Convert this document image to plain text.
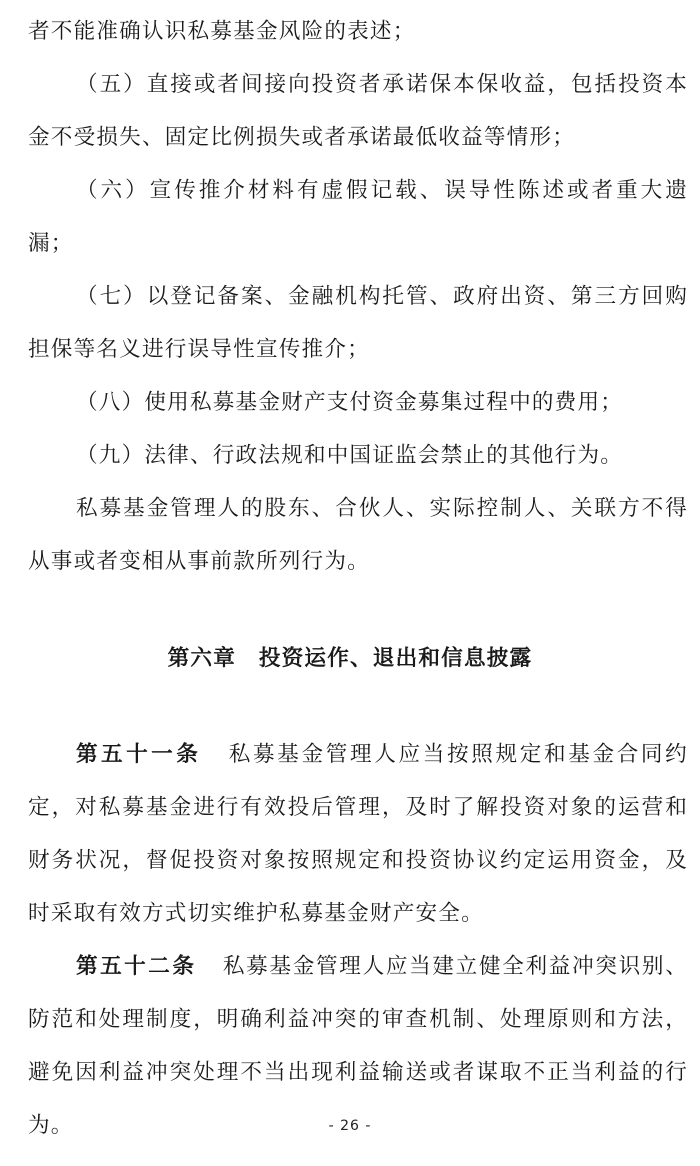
者不能准确认识私募基金风险的表述；

（五）直接或者间接向投资者承诺保本保收益，包括投资本金不受损失、固定比例损失或者承诺最低收益等情形；

（六）宣传推介材料有虚假记载、误导性陈述或者重大遗漏；

（七）以登记备案、金融机构托管、政府出资、第三方回购担保等名义进行误导性宣传推介；

（八）使用私募基金财产支付资金募集过程中的费用；

（九）法律、行政法规和中国证监会禁止的其他行为。

私募基金管理人的股东、合伙人、实际控制人、关联方不得从事或者变相从事前款所列行为。

第六章　投资运作、退出和信息披露

第五十一条 私募基金管理人应当按照规定和基金合同约定，对私募基金进行有效投后管理，及时了解投资对象的运营和财务状况，督促投资对象按照规定和投资协议约定运用资金，及时采取有效方式切实维护私募基金财产安全。

第五十二条 私募基金管理人应当建立健全利益冲突识别、防范和处理制度，明确利益冲突的审查机制、处理原则和方法，避免因利益冲突处理不当出现利益输送或者谋取不正当利益的行为。	- 26 -
